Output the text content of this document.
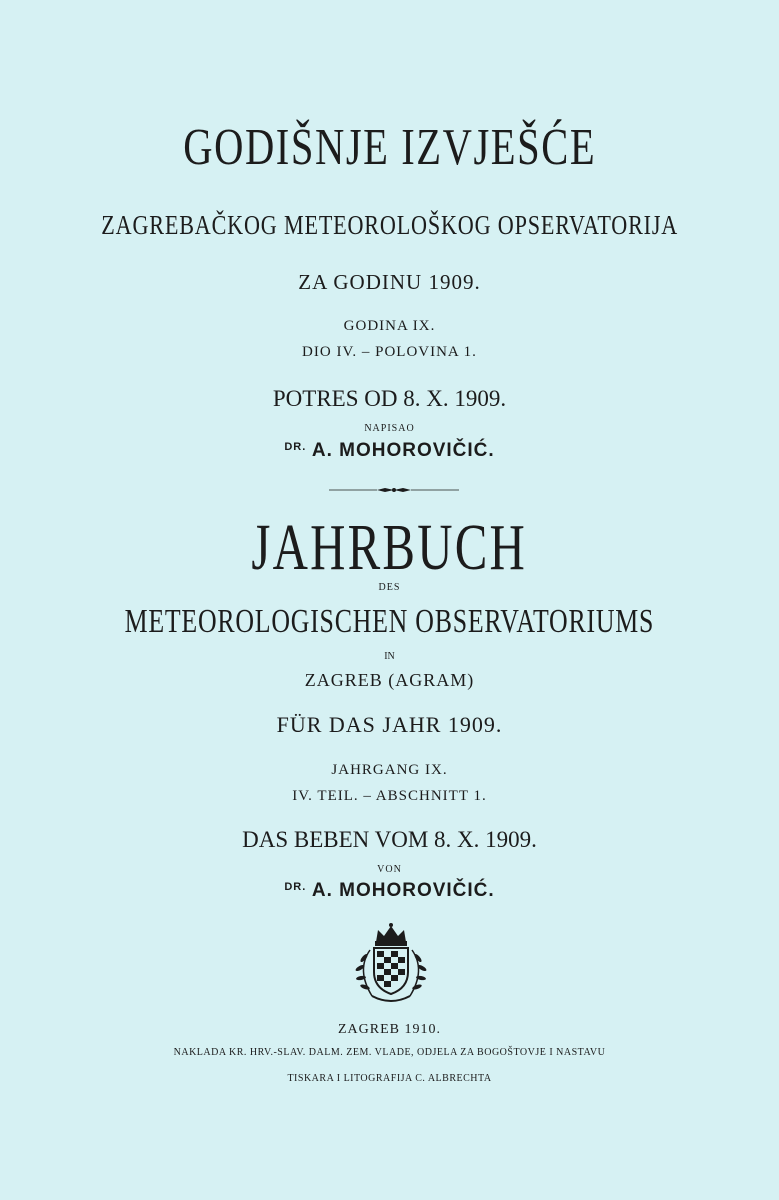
GODIŠNJE IZVJEŠĆE
ZAGREBAČKOG METEOROLOŠKOG OPSERVATORIJA
ZA GODINU 1909.
GODINA IX.
DIO IV. – POLOVINA 1.
POTRES OD 8. X. 1909.
NAPISAO
$^{DR.}$ A. MOHOROVIČIĆ.
JAHRBUCH
DES
METEOROLOGISCHEN OBSERVATORIUMS
IN
ZAGREB (AGRAM)
FÜR DAS JAHR 1909.
JAHRGANG IX.
IV. TEIL. – ABSCHNITT 1.
DAS BEBEN VOM 8. X. 1909.
VON
$^{DR.}$ A. MOHOROVIČIĆ.
ZAGREB 1910.
NAKLADA KR. HRV.-SLAV. DALM. ZEM. VLADE, ODJELA ZA BOGOŠTOVJE I NASTAVU
TISKARA I LITOGRAFIJA C. ALBRECHTA
